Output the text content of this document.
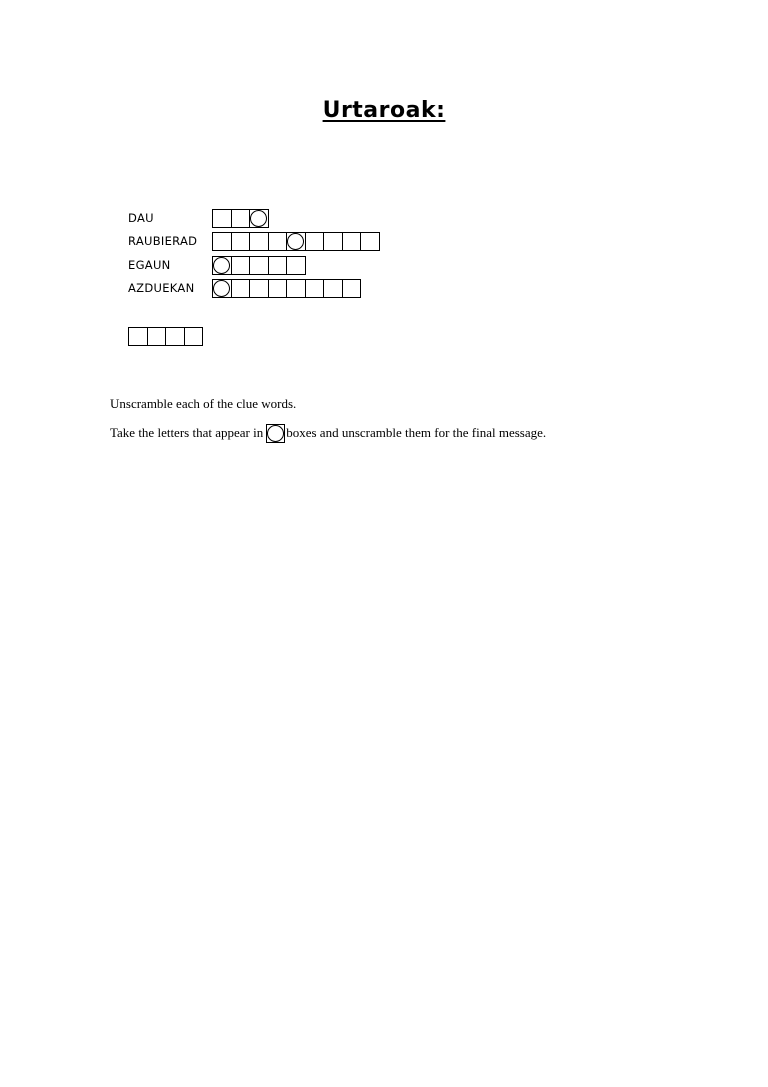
Urtaroak:
DAU
RAUBIERAD
EGAUN
AZDUEKAN
Unscramble each of the clue words.
Take the letters that appear in boxes and unscramble them for the final message.
